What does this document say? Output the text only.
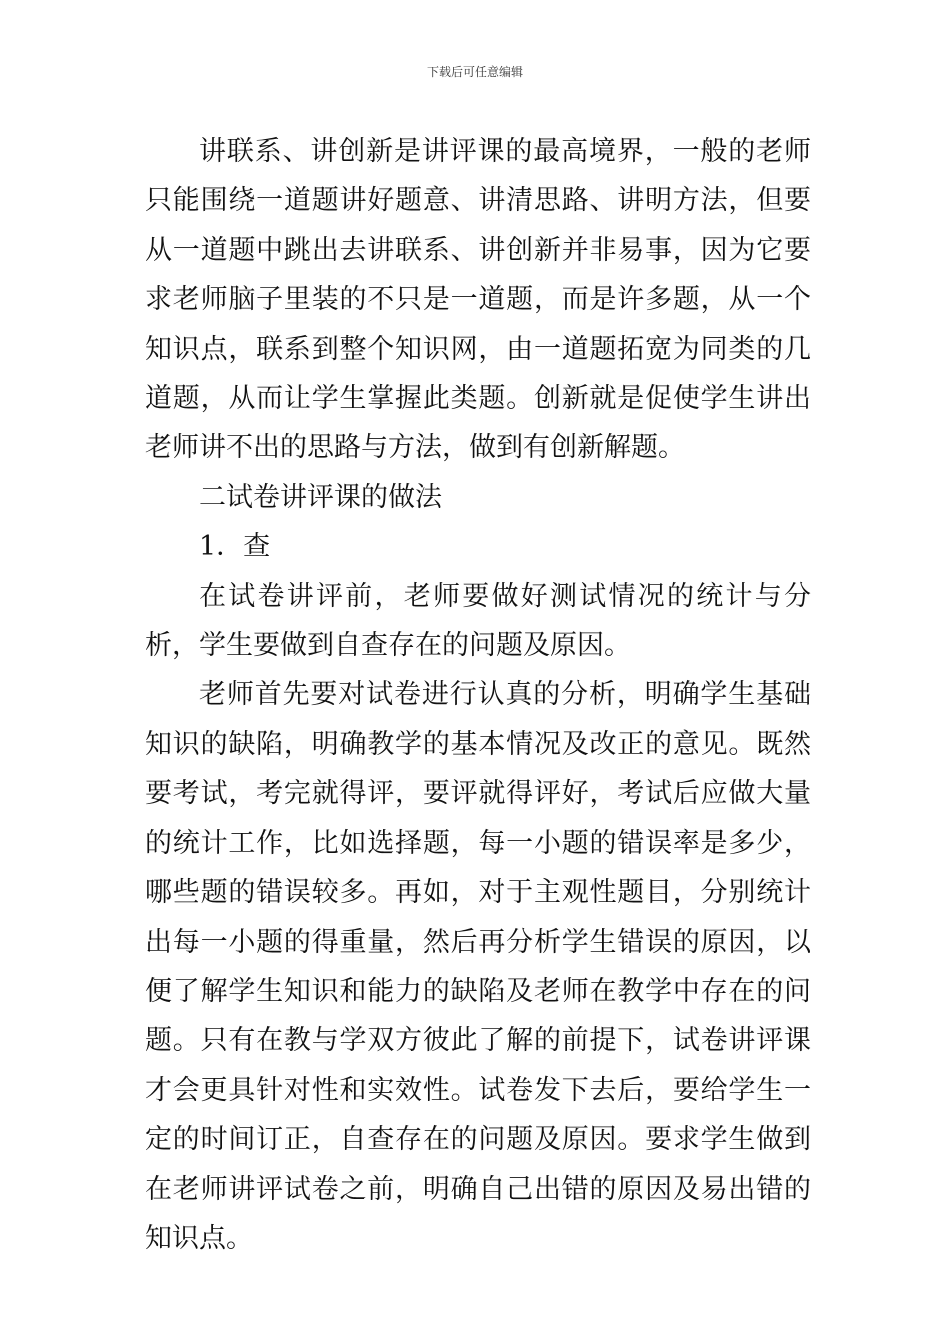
下载后可任意编辑

讲联系、讲创新是讲评课的最高境界，一般的老师只能围绕一道题讲好题意、讲清思路、讲明方法，但要从一道题中跳出去讲联系、讲创新并非易事，因为它要求老师脑子里装的不只是一道题，而是许多题，从一个知识点，联系到整个知识网，由一道题拓宽为同类的几道题，从而让学生掌握此类题。创新就是促使学生讲出老师讲不出的思路与方法，做到有创新解题。

二试卷讲评课的做法

1．查

在试卷讲评前，老师要做好测试情况的统计与分析，学生要做到自查存在的问题及原因。

老师首先要对试卷进行认真的分析，明确学生基础知识的缺陷，明确教学的基本情况及改正的意见。既然要考试，考完就得评，要评就得评好，考试后应做大量的统计工作，比如选择题，每一小题的错误率是多少，哪些题的错误较多。再如，对于主观性题目，分别统计出每一小题的得重量，然后再分析学生错误的原因，以便了解学生知识和能力的缺陷及老师在教学中存在的问题。只有在教与学双方彼此了解的前提下，试卷讲评课才会更具针对性和实效性。试卷发下去后，要给学生一定的时间订正，自查存在的问题及原因。要求学生做到在老师讲评试卷之前，明确自己出错的原因及易出错的知识点。
